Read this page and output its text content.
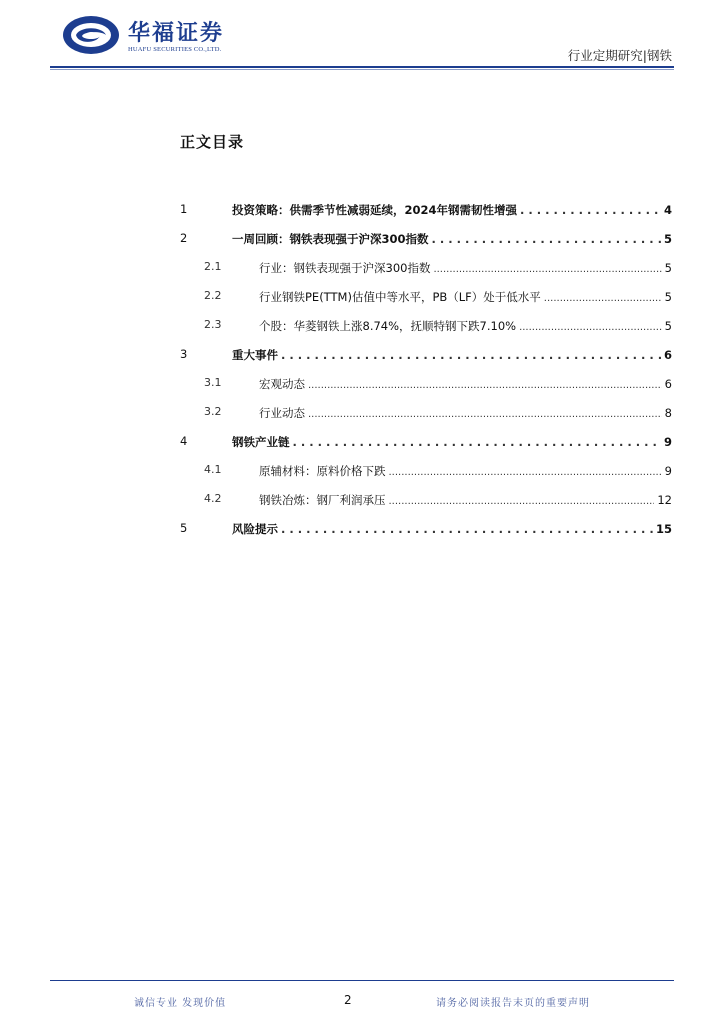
华福证券
HUAFU SECURITIES CO.,LTD.	行业定期研究|钢铁
正文目录
1	投资策略：供需季节性减弱延续，2024年钢需韧性增强 . . .	4
2	一周回顾：钢铁表现强于沪深300指数 . . .	5
2.1	行业：钢铁表现强于沪深300指数 .....	5
2.2	行业钢铁PE(TTM)估值中等水平，PB（LF）处于低水平 .....	5
2.3	个股：华菱钢铁上涨8.74%，抚顺特钢下跌7.10% .....	5
3	重大事件 . . .	6
3.1	宏观动态 .....	6
3.2	行业动态 .....	8
4	钢铁产业链 . . .	9
4.1	原辅材料：原料价格下跌 .....	9
4.2	钢铁冶炼：钢厂利润承压 .....	12
5	风险提示 . . .	15
诚信专业 发现价值	2	请务必阅读报告末页的重要声明
